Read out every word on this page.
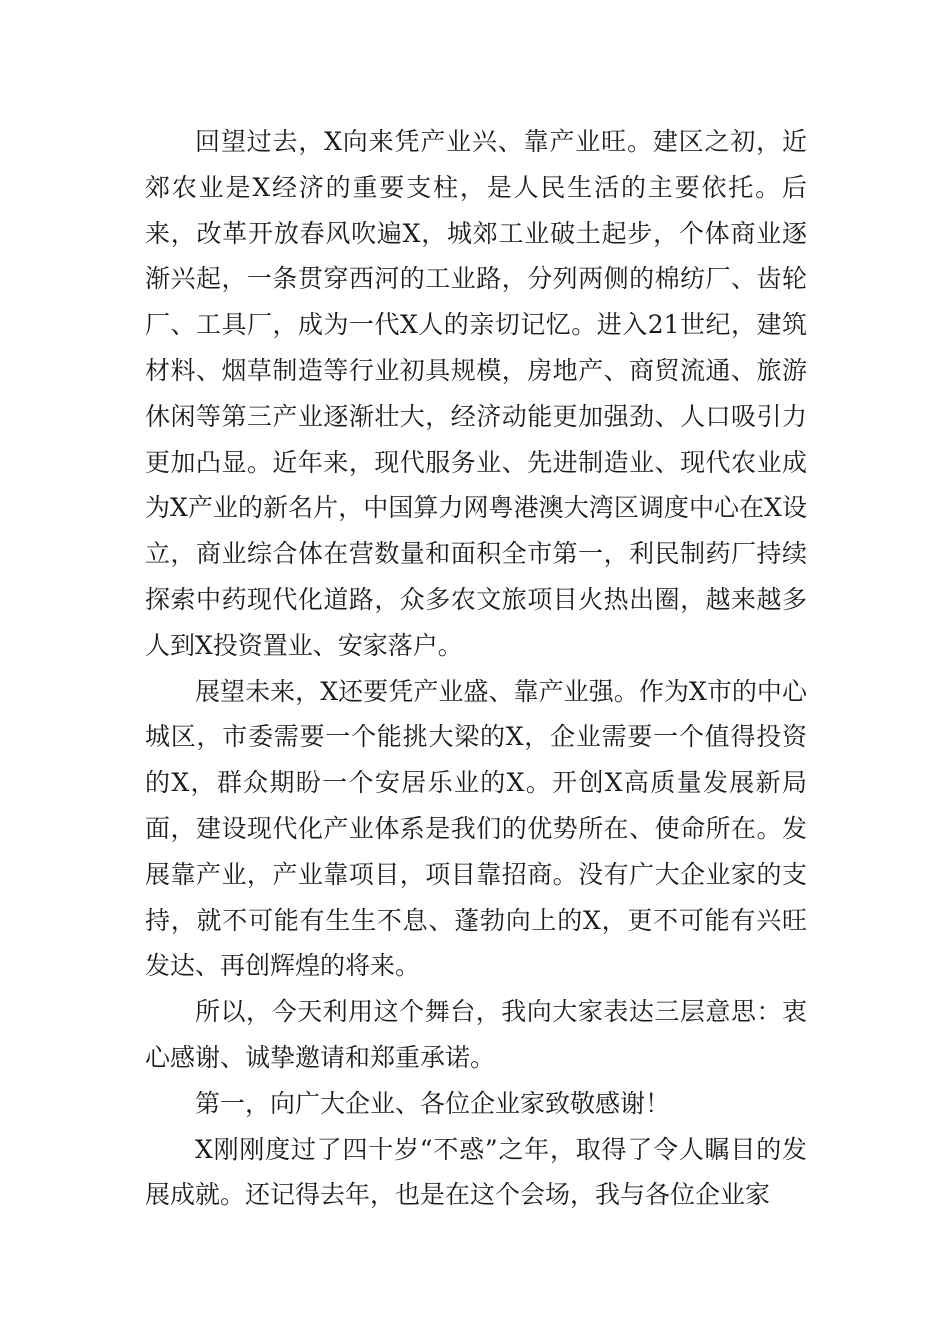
回望过去，X向来凭产业兴、靠产业旺。建区之初，近郊农业是X经济的重要支柱，是人民生活的主要依托。后来，改革开放春风吹遍X，城郊工业破土起步，个体商业逐渐兴起，一条贯穿西河的工业路，分列两侧的棉纺厂、齿轮厂、工具厂，成为一代X人的亲切记忆。进入21世纪，建筑材料、烟草制造等行业初具规模，房地产、商贸流通、旅游休闲等第三产业逐渐壮大，经济动能更加强劲、人口吸引力更加凸显。近年来，现代服务业、先进制造业、现代农业成为X产业的新名片，中国算力网粤港澳大湾区调度中心在X设立，商业综合体在营数量和面积全市第一，利民制药厂持续探索中药现代化道路，众多农文旅项目火热出圈，越来越多人到X投资置业、安家落户。

展望未来，X还要凭产业盛、靠产业强。作为X市的中心城区，市委需要一个能挑大梁的X，企业需要一个值得投资的X，群众期盼一个安居乐业的X。开创X高质量发展新局面，建设现代化产业体系是我们的优势所在、使命所在。发展靠产业，产业靠项目，项目靠招商。没有广大企业家的支持，就不可能有生生不息、蓬勃向上的X，更不可能有兴旺发达、再创辉煌的将来。

所以，今天利用这个舞台，我向大家表达三层意思：衷心感谢、诚挚邀请和郑重承诺。

第一，向广大企业、各位企业家致敬感谢！

X刚刚度过了四十岁“不惑”之年，取得了令人瞩目的发展成就。还记得去年，也是在这个会场，我与各位企业家
